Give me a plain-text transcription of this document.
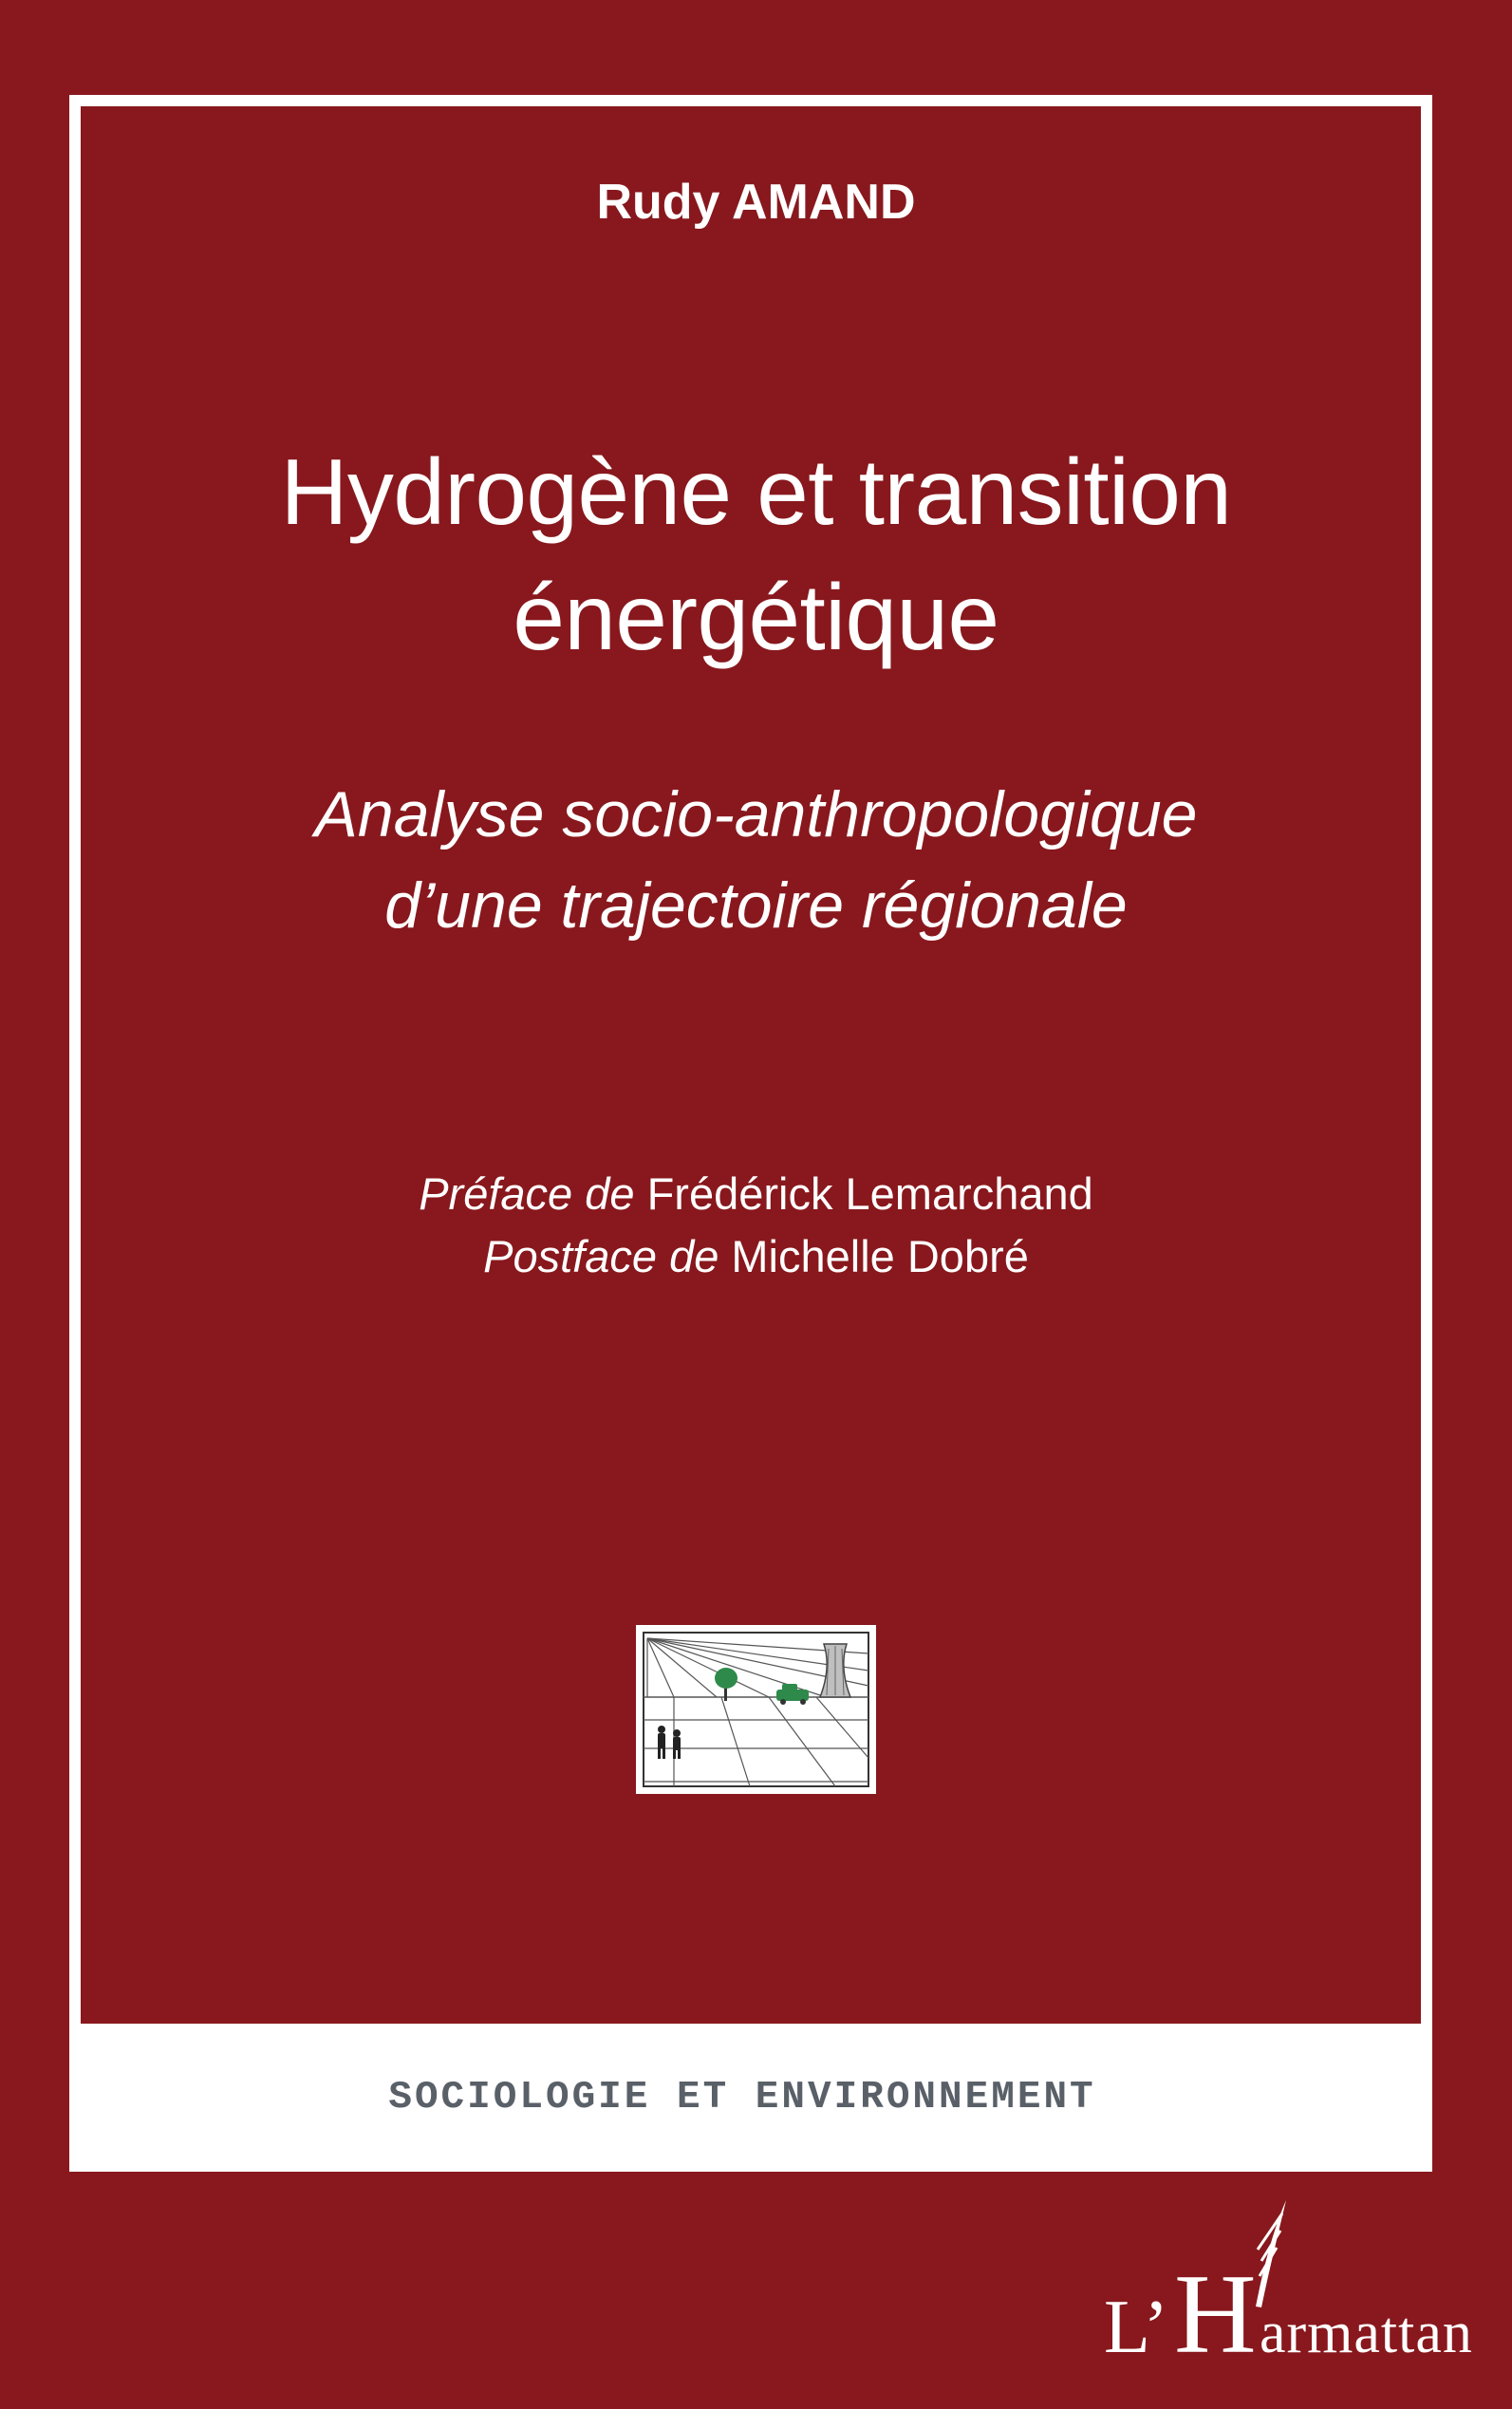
SOCIOLOGIE ET ENVIRONNEMENT
Rudy AMAND
Hydrogène et transition
énergétique
Analyse socio-anthropologique
d’une trajectoire régionale
Préface de Frédérick Lemarchand
Postface de Michelle Dobré
L’ H armattan
